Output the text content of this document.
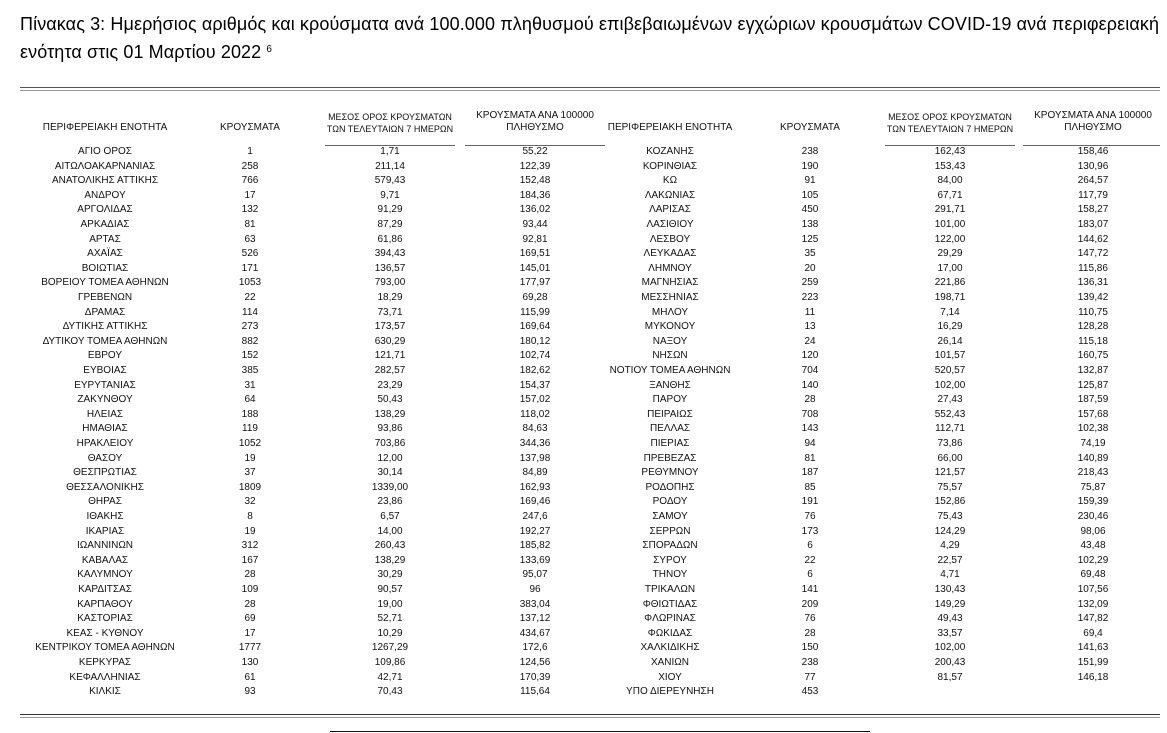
Πίνακας 3: Ημερήσιος αριθμός και κρούσματα ανά 100.000 πληθυσμού επιβεβαιωμένων εγχώριων κρουσμάτων COVID-19 ανά περιφερειακή
ενότητα στις 01 Μαρτίου 2022 $^6$
ΠΕΡΙΦΕΡΕΙΑΚΗ ΕΝΟΤΗΤΑ	ΚΡΟΥΣΜΑΤΑ
ΜΕΣΟΣ ΟΡΟΣ ΚΡΟΥΣΜΑΤΩΝ
ΤΩΝ ΤΕΛΕΥΤΑΙΩΝ 7 ΗΜΕΡΩΝ
ΚΡΟΥΣΜΑΤΑ ΑΝΑ 100000
ΠΛΗΘΥΣΜΟ	ΠΕΡΙΦΕΡΕΙΑΚΗ ΕΝΟΤΗΤΑ	ΚΡΟΥΣΜΑΤΑ
ΜΕΣΟΣ ΟΡΟΣ ΚΡΟΥΣΜΑΤΩΝ
ΤΩΝ ΤΕΛΕΥΤΑΙΩΝ 7 ΗΜΕΡΩΝ
ΚΡΟΥΣΜΑΤΑ ΑΝΑ 100000
ΠΛΗΘΥΣΜΟ
ΑΓΙΟ ΟΡΟΣ	1	1,71	55,22
ΑΙΤΩΛΟΑΚΑΡΝΑΝΙΑΣ	258	211,14	122,39
ΑΝΑΤΟΛΙΚΗΣ ΑΤΤΙΚΗΣ	766	579,43	152,48
ΑΝΔΡΟΥ	17	9,71	184,36
ΑΡΓΟΛΙΔΑΣ	132	91,29	136,02
ΑΡΚΑΔΙΑΣ	81	87,29	93,44
ΑΡΤΑΣ	63	61,86	92,81
ΑΧΑΪΑΣ	526	394,43	169,51
ΒΟΙΩΤΙΑΣ	171	136,57	145,01
ΒΟΡΕΙΟΥ ΤΟΜΕΑ ΑΘΗΝΩΝ	1053	793,00	177,97
ΓΡΕΒΕΝΩΝ	22	18,29	69,28
ΔΡΑΜΑΣ	114	73,71	115,99
ΔΥΤΙΚΗΣ ΑΤΤΙΚΗΣ	273	173,57	169,64
ΔΥΤΙΚΟΥ ΤΟΜΕΑ ΑΘΗΝΩΝ	882	630,29	180,12
ΕΒΡΟΥ	152	121,71	102,74
ΕΥΒΟΙΑΣ	385	282,57	182,62
ΕΥΡΥΤΑΝΙΑΣ	31	23,29	154,37
ΖΑΚΥΝΘΟΥ	64	50,43	157,02
ΗΛΕΙΑΣ	188	138,29	118,02
ΗΜΑΘΙΑΣ	119	93,86	84,63
ΗΡΑΚΛΕΙΟΥ	1052	703,86	344,36
ΘΑΣΟΥ	19	12,00	137,98
ΘΕΣΠΡΩΤΙΑΣ	37	30,14	84,89
ΘΕΣΣΑΛΟΝΙΚΗΣ	1809	1339,00	162,93
ΘΗΡΑΣ	32	23,86	169,46
ΙΘΑΚΗΣ	8	6,57	247,6
ΙΚΑΡΙΑΣ	19	14,00	192,27
ΙΩΑΝΝΙΝΩΝ	312	260,43	185,82
ΚΑΒΑΛΑΣ	167	138,29	133,69
ΚΑΛΥΜΝΟΥ	28	30,29	95,07
ΚΑΡΔΙΤΣΑΣ	109	90,57	96
ΚΑΡΠΑΘΟΥ	28	19,00	383,04
ΚΑΣΤΟΡΙΑΣ	69	52,71	137,12
ΚΕΑΣ - ΚΥΘΝΟΥ	17	10,29	434,67
ΚΕΝΤΡΙΚΟΥ ΤΟΜΕΑ ΑΘΗΝΩΝ	1777	1267,29	172,6
ΚΕΡΚΥΡΑΣ	130	109,86	124,56
ΚΕΦΑΛΛΗΝΙΑΣ	61	42,71	170,39
ΚΙΛΚΙΣ	93	70,43	115,64
ΚΟΖΑΝΗΣ	238	162,43	158,46
ΚΟΡΙΝΘΙΑΣ	190	153,43	130,96
ΚΩ	91	84,00	264,57
ΛΑΚΩΝΙΑΣ	105	67,71	117,79
ΛΑΡΙΣΑΣ	450	291,71	158,27
ΛΑΣΙΘΙΟΥ	138	101,00	183,07
ΛΕΣΒΟΥ	125	122,00	144,62
ΛΕΥΚΑΔΑΣ	35	29,29	147,72
ΛΗΜΝΟΥ	20	17,00	115,86
ΜΑΓΝΗΣΙΑΣ	259	221,86	136,31
ΜΕΣΣΗΝΙΑΣ	223	198,71	139,42
ΜΗΛΟΥ	11	7,14	110,75
ΜΥΚΟΝΟΥ	13	16,29	128,28
ΝΑΞΟΥ	24	26,14	115,18
ΝΗΣΩΝ	120	101,57	160,75
ΝΟΤΙΟΥ ΤΟΜΕΑ ΑΘΗΝΩΝ	704	520,57	132,87
ΞΑΝΘΗΣ	140	102,00	125,87
ΠΑΡΟΥ	28	27,43	187,59
ΠΕΙΡΑΙΩΣ	708	552,43	157,68
ΠΕΛΛΑΣ	143	112,71	102,38
ΠΙΕΡΙΑΣ	94	73,86	74,19
ΠΡΕΒΕΖΑΣ	81	66,00	140,89
ΡΕΘΥΜΝΟΥ	187	121,57	218,43
ΡΟΔΟΠΗΣ	85	75,57	75,87
ΡΟΔΟΥ	191	152,86	159,39
ΣΑΜΟΥ	76	75,43	230,46
ΣΕΡΡΩΝ	173	124,29	98,06
ΣΠΟΡΑΔΩΝ	6	4,29	43,48
ΣΥΡΟΥ	22	22,57	102,29
ΤΗΝΟΥ	6	4,71	69,48
ΤΡΙΚΑΛΩΝ	141	130,43	107,56
ΦΘΙΩΤΙΔΑΣ	209	149,29	132,09
ΦΛΩΡΙΝΑΣ	76	49,43	147,82
ΦΩΚΙΔΑΣ	28	33,57	69,4
ΧΑΛΚΙΔΙΚΗΣ	150	102,00	141,63
ΧΑΝΙΩΝ	238	200,43	151,99
ΧΙΟΥ	77	81,57	146,18
ΥΠΟ ΔΙΕΡΕΥΝΗΣΗ	453
